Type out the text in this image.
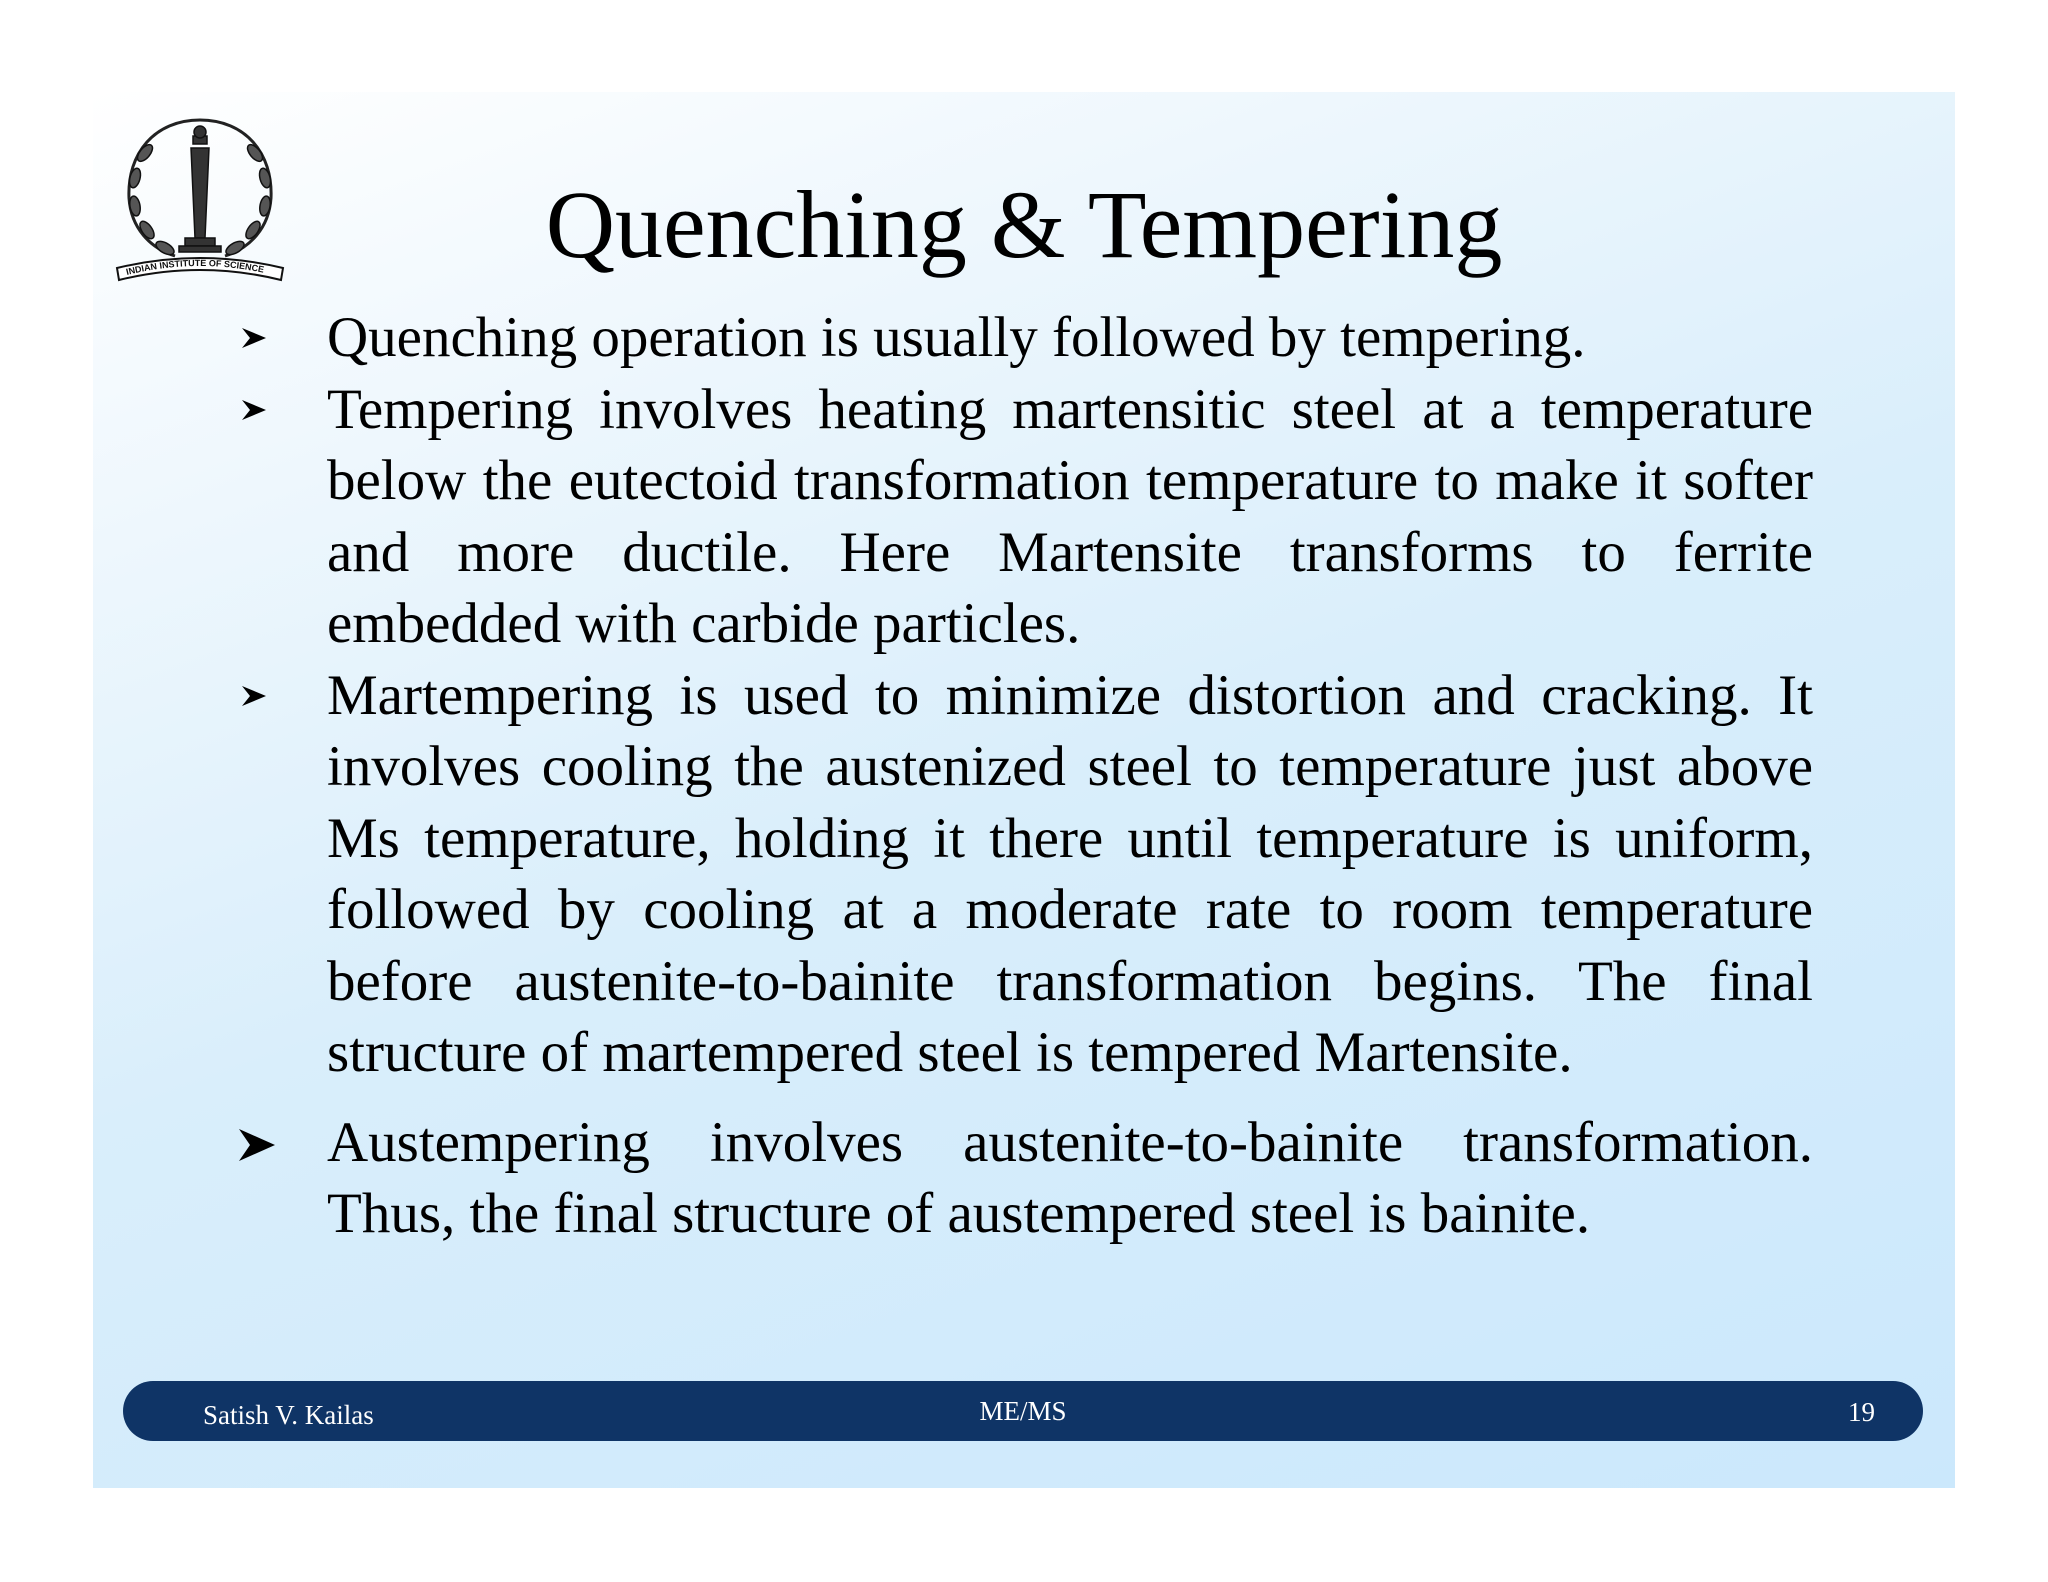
INDIAN INSTITUTE OF SCIENCE	Quenching & Tempering
Quenching operation is usually followed by tempering.
Tempering involves heating martensitic steel at a temperature below the eutectoid transformation temperature to make it softer and more ductile. Here Martensite transforms to ferrite embedded with carbide particles.
Martempering is used to minimize distortion and cracking. It involves cooling the austenized steel to temperature just above Ms temperature, holding it there until temperature is uniform, followed by cooling at a moderate rate to room temperature before austenite-to-bainite transformation begins. The final structure of martempered steel is tempered Martensite.
Austempering involves austenite-to-bainite transformation. Thus, the final structure of austempered steel is bainite.
Satish V. Kailas	ME/MS	19
